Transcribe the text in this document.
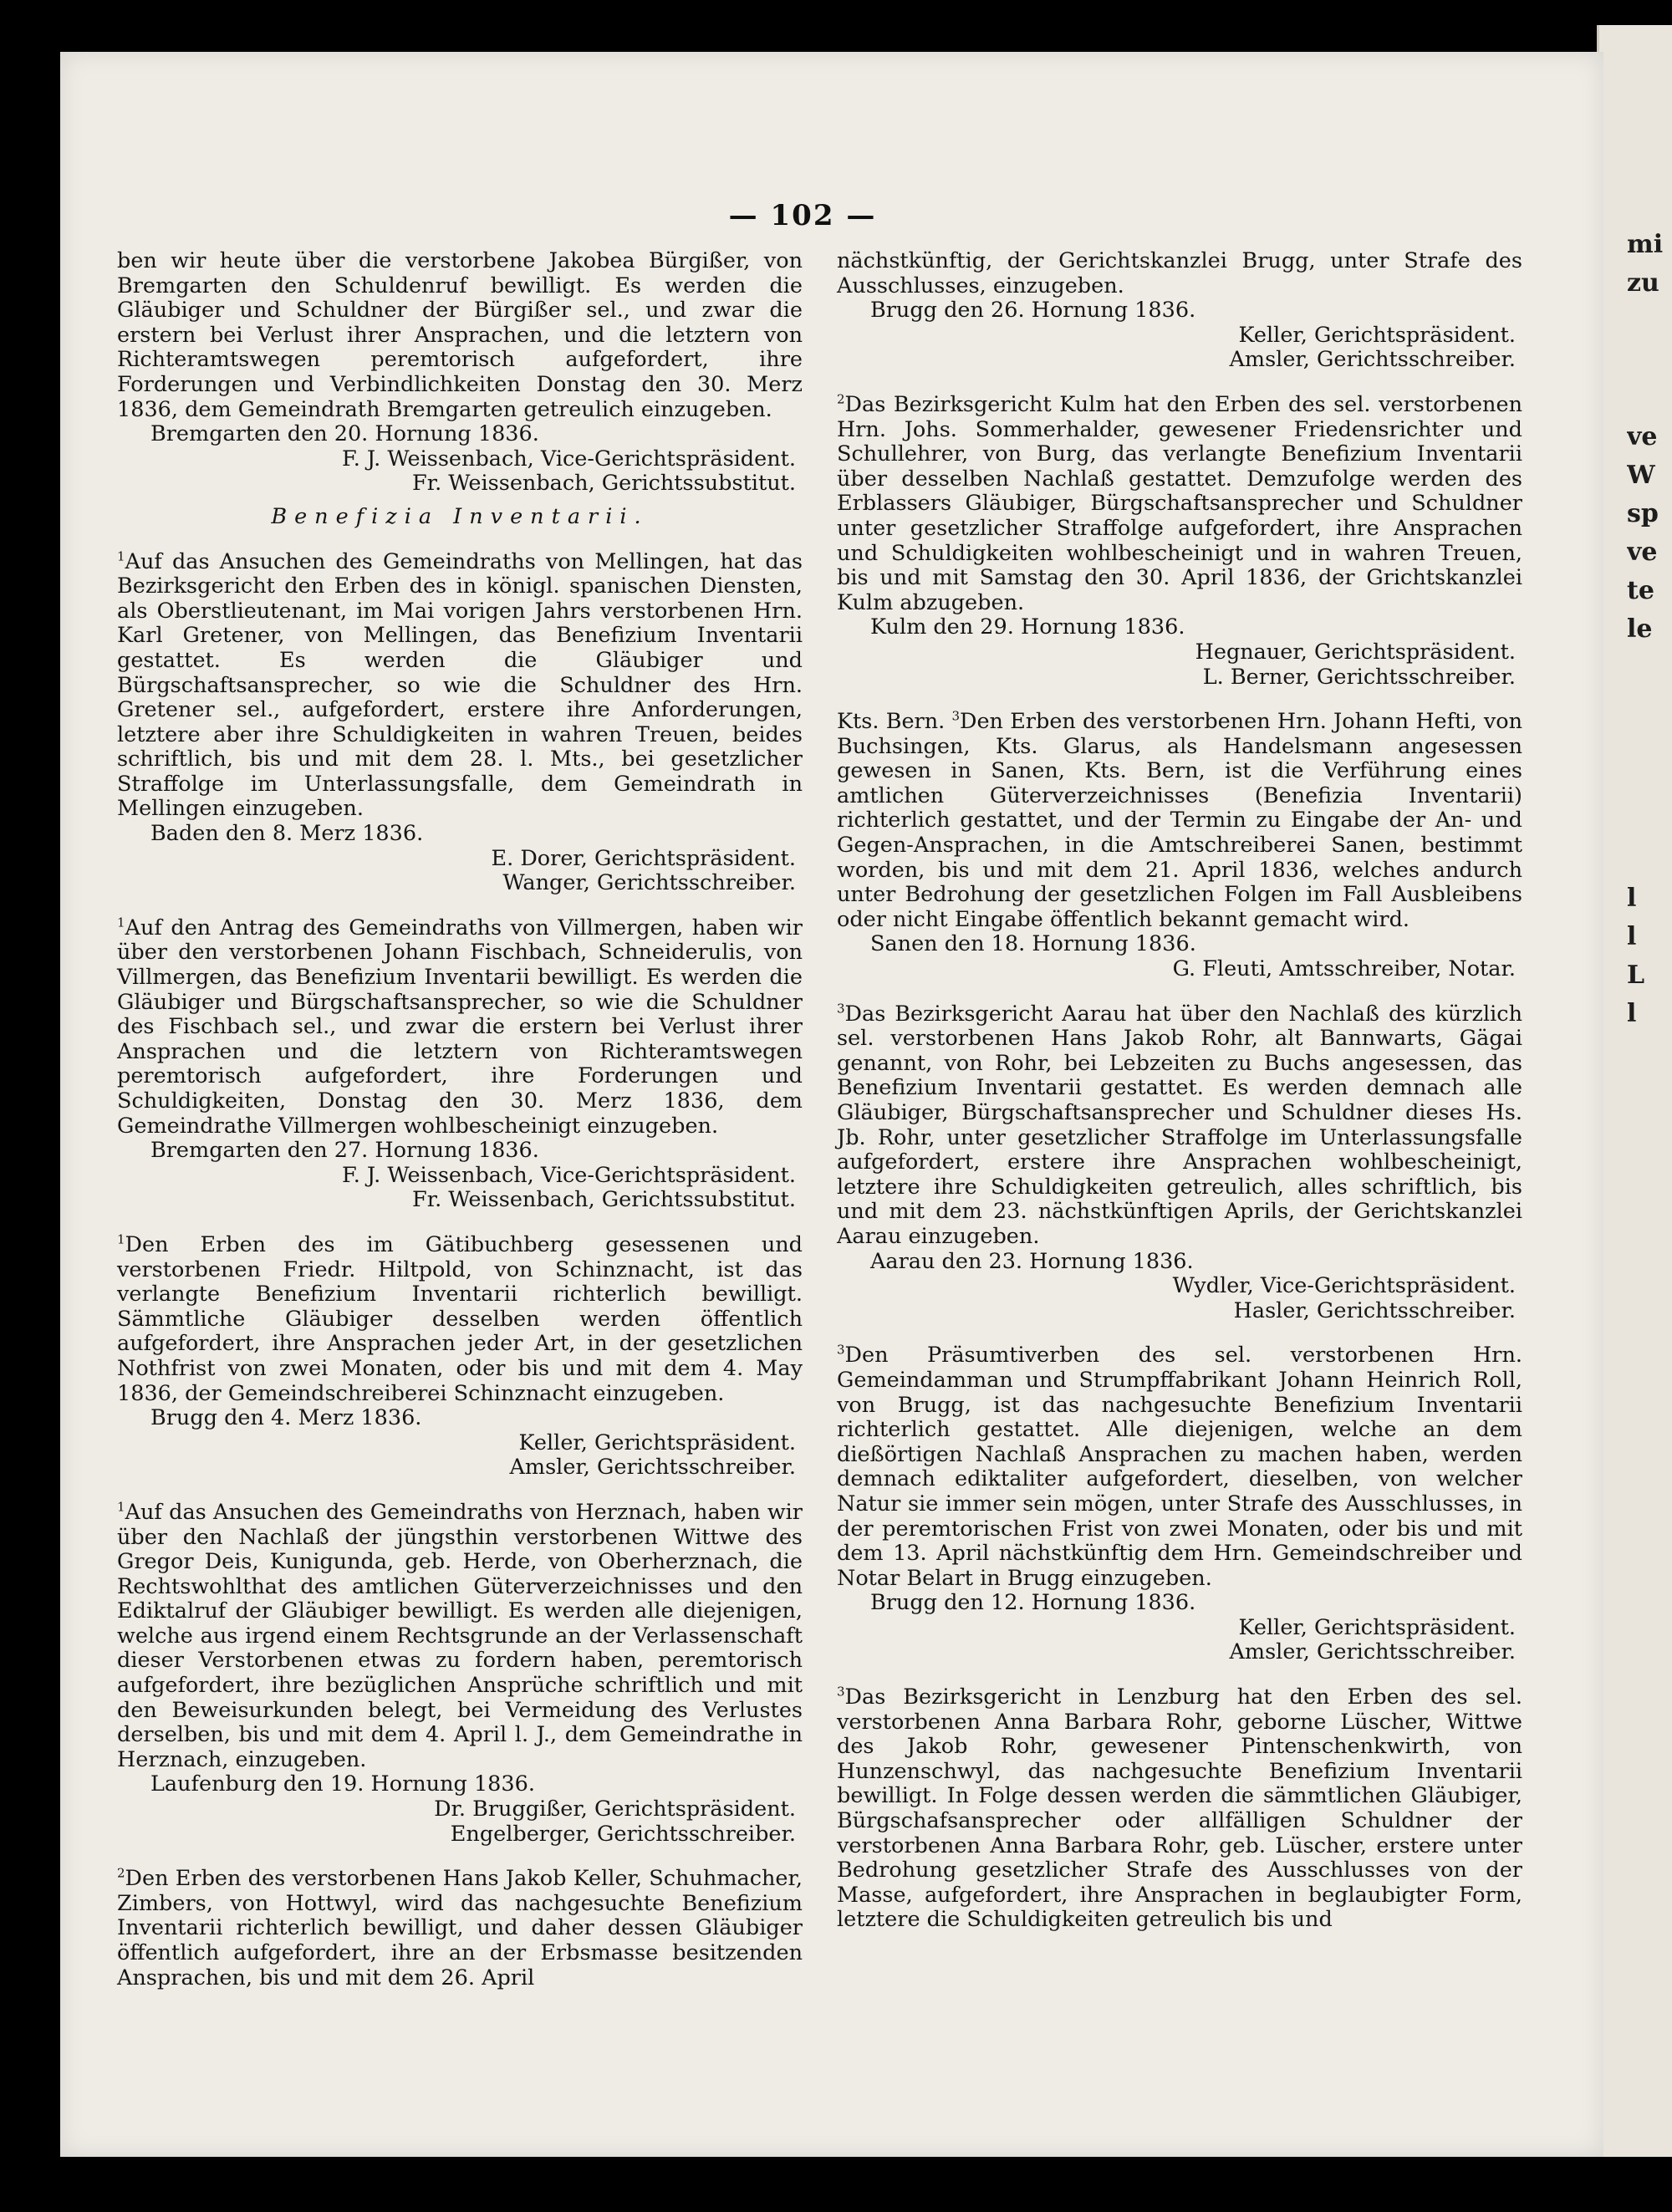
mi
zu
ve
W
sp
ve
te
le
l
l
L
l
— 102 —

ben wir heute über die verstorbene Jakobea Bürgißer, von Bremgarten den Schuldenruf bewilligt. Es werden die Gläubiger und Schuldner der Bürgißer sel., und zwar die erstern bei Verlust ihrer Ansprachen, und die letztern von Richteramtswegen peremtorisch aufgefordert, ihre Forderungen und Verbindlichkeiten Donstag den 30. Merz 1836, dem Gemeindrath Bremgarten getreulich einzugeben.

Bremgarten den 20. Hornung 1836.
F. J. Weissenbach, Vice-Gerichtspräsident.
Fr. Weissenbach, Gerichtssubstitut.
Benefizia Inventarii.

$^1$Auf das Ansuchen des Gemeindraths von Mellingen, hat das Bezirksgericht den Erben des in königl. spanischen Diensten, als Oberstlieutenant, im Mai vorigen Jahrs verstorbenen Hrn. Karl Gretener, von Mellingen, das Benefizium Inventarii gestattet. Es werden die Gläubiger und Bürgschaftsansprecher, so wie die Schuldner des Hrn. Gretener sel., aufgefordert, erstere ihre Anforderungen, letztere aber ihre Schuldigkeiten in wahren Treuen, beides schriftlich, bis und mit dem 28. l. Mts., bei gesetzlicher Straffolge im Unterlassungsfalle, dem Gemeindrath in Mellingen einzugeben.

Baden den 8. Merz 1836.
E. Dorer, Gerichtspräsident.
Wanger, Gerichtsschreiber.

$^1$Auf den Antrag des Gemeindraths von Villmergen, haben wir über den verstorbenen Johann Fischbach, Schneiderulis, von Villmergen, das Benefizium Inventarii bewilligt. Es werden die Gläubiger und Bürgschaftsansprecher, so wie die Schuldner des Fischbach sel., und zwar die erstern bei Verlust ihrer Ansprachen und die letztern von Richteramtswegen peremtorisch aufgefordert, ihre Forderungen und Schuldigkeiten, Donstag den 30. Merz 1836, dem Gemeindrathe Villmergen wohlbescheinigt einzugeben.

Bremgarten den 27. Hornung 1836.
F. J. Weissenbach, Vice-Gerichtspräsident.
Fr. Weissenbach, Gerichtssubstitut.

$^1$Den Erben des im Gätibuchberg gesessenen und verstorbenen Friedr. Hiltpold, von Schinznacht, ist das verlangte Benefizium Inventarii richterlich bewilligt. Sämmtliche Gläubiger desselben werden öffentlich aufgefordert, ihre Ansprachen jeder Art, in der gesetzlichen Nothfrist von zwei Monaten, oder bis und mit dem 4. May 1836, der Gemeindschreiberei Schinznacht einzugeben.

Brugg den 4. Merz 1836.
Keller, Gerichtspräsident.
Amsler, Gerichtsschreiber.

$^1$Auf das Ansuchen des Gemeindraths von Herznach, haben wir über den Nachlaß der jüngsthin verstorbenen Wittwe des Gregor Deis, Kunigunda, geb. Herde, von Oberherznach, die Rechtswohlthat des amtlichen Güterverzeichnisses und den Ediktalruf der Gläubiger bewilligt. Es werden alle diejenigen, welche aus irgend einem Rechtsgrunde an der Verlassenschaft dieser Verstorbenen etwas zu fordern haben, peremtorisch aufgefordert, ihre bezüglichen Ansprüche schriftlich und mit den Beweisurkunden belegt, bei Vermeidung des Verlustes derselben, bis und mit dem 4. April l. J., dem Gemeindrathe in Herznach, einzugeben.

Laufenburg den 19. Hornung 1836.
Dr. Bruggißer, Gerichtspräsident.
Engelberger, Gerichtsschreiber.

$^2$Den Erben des verstorbenen Hans Jakob Keller, Schuhmacher, Zimbers, von Hottwyl, wird das nachgesuchte Benefizium Inventarii richterlich bewilligt, und daher dessen Gläubiger öffentlich aufgefordert, ihre an der Erbsmasse besitzenden Ansprachen, bis und mit dem 26. April

nächstkünftig, der Gerichtskanzlei Brugg, unter Strafe des Ausschlusses, einzugeben.

Brugg den 26. Hornung 1836.
Keller, Gerichtspräsident.
Amsler, Gerichtsschreiber.

$^2$Das Bezirksgericht Kulm hat den Erben des sel. verstorbenen Hrn. Johs. Sommerhalder, gewesener Friedensrichter und Schullehrer, von Burg, das verlangte Benefizium Inventarii über desselben Nachlaß gestattet. Demzufolge werden des Erblassers Gläubiger, Bürgschaftsansprecher und Schuldner unter gesetzlicher Straffolge aufgefordert, ihre Ansprachen und Schuldigkeiten wohlbescheinigt und in wahren Treuen, bis und mit Samstag den 30. April 1836, der Grichtskanzlei Kulm abzugeben.

Kulm den 29. Hornung 1836.
Hegnauer, Gerichtspräsident.
L. Berner, Gerichtsschreiber.

Kts. Bern. $^3$Den Erben des verstorbenen Hrn. Johann Hefti, von Buchsingen, Kts. Glarus, als Handelsmann angesessen gewesen in Sanen, Kts. Bern, ist die Verführung eines amtlichen Güterverzeichnisses (Benefizia Inventarii) richterlich gestattet, und der Termin zu Eingabe der An- und Gegen-Ansprachen, in die Amtschreiberei Sanen, bestimmt worden, bis und mit dem 21. April 1836, welches andurch unter Bedrohung der gesetzlichen Folgen im Fall Ausbleibens oder nicht Eingabe öffentlich bekannt gemacht wird.

Sanen den 18. Hornung 1836.
G. Fleuti, Amtsschreiber, Notar.

$^3$Das Bezirksgericht Aarau hat über den Nachlaß des kürzlich sel. verstorbenen Hans Jakob Rohr, alt Bannwarts, Gägai genannt, von Rohr, bei Lebzeiten zu Buchs angesessen, das Benefizium Inventarii gestattet. Es werden demnach alle Gläubiger, Bürgschaftsansprecher und Schuldner dieses Hs. Jb. Rohr, unter gesetzlicher Straffolge im Unterlassungsfalle aufgefordert, erstere ihre Ansprachen wohlbescheinigt, letztere ihre Schuldigkeiten getreulich, alles schriftlich, bis und mit dem 23. nächstkünftigen Aprils, der Gerichtskanzlei Aarau einzugeben.

Aarau den 23. Hornung 1836.
Wydler, Vice-Gerichtspräsident.
Hasler, Gerichtsschreiber.

$^3$Den Präsumtiverben des sel. verstorbenen Hrn. Gemeindamman und Strumpffabrikant Johann Heinrich Roll, von Brugg, ist das nachgesuchte Benefizium Inventarii richterlich gestattet. Alle diejenigen, welche an dem dießörtigen Nachlaß Ansprachen zu machen haben, werden demnach ediktaliter aufgefordert, dieselben, von welcher Natur sie immer sein mögen, unter Strafe des Ausschlusses, in der peremtorischen Frist von zwei Monaten, oder bis und mit dem 13. April nächstkünftig dem Hrn. Gemeindschreiber und Notar Belart in Brugg einzugeben.

Brugg den 12. Hornung 1836.
Keller, Gerichtspräsident.
Amsler, Gerichtsschreiber.

$^3$Das Bezirksgericht in Lenzburg hat den Erben des sel. verstorbenen Anna Barbara Rohr, geborne Lüscher, Wittwe des Jakob Rohr, gewesener Pintenschenkwirth, von Hunzenschwyl, das nachgesuchte Benefizium Inventarii bewilligt. In Folge dessen werden die sämmtlichen Gläubiger, Bürgschafsansprecher oder allfälligen Schuldner der verstorbenen Anna Barbara Rohr, geb. Lüscher, erstere unter Bedrohung gesetzlicher Strafe des Ausschlusses von der Masse, aufgefordert, ihre Ansprachen in beglaubigter Form, letztere die Schuldigkeiten getreulich bis und
